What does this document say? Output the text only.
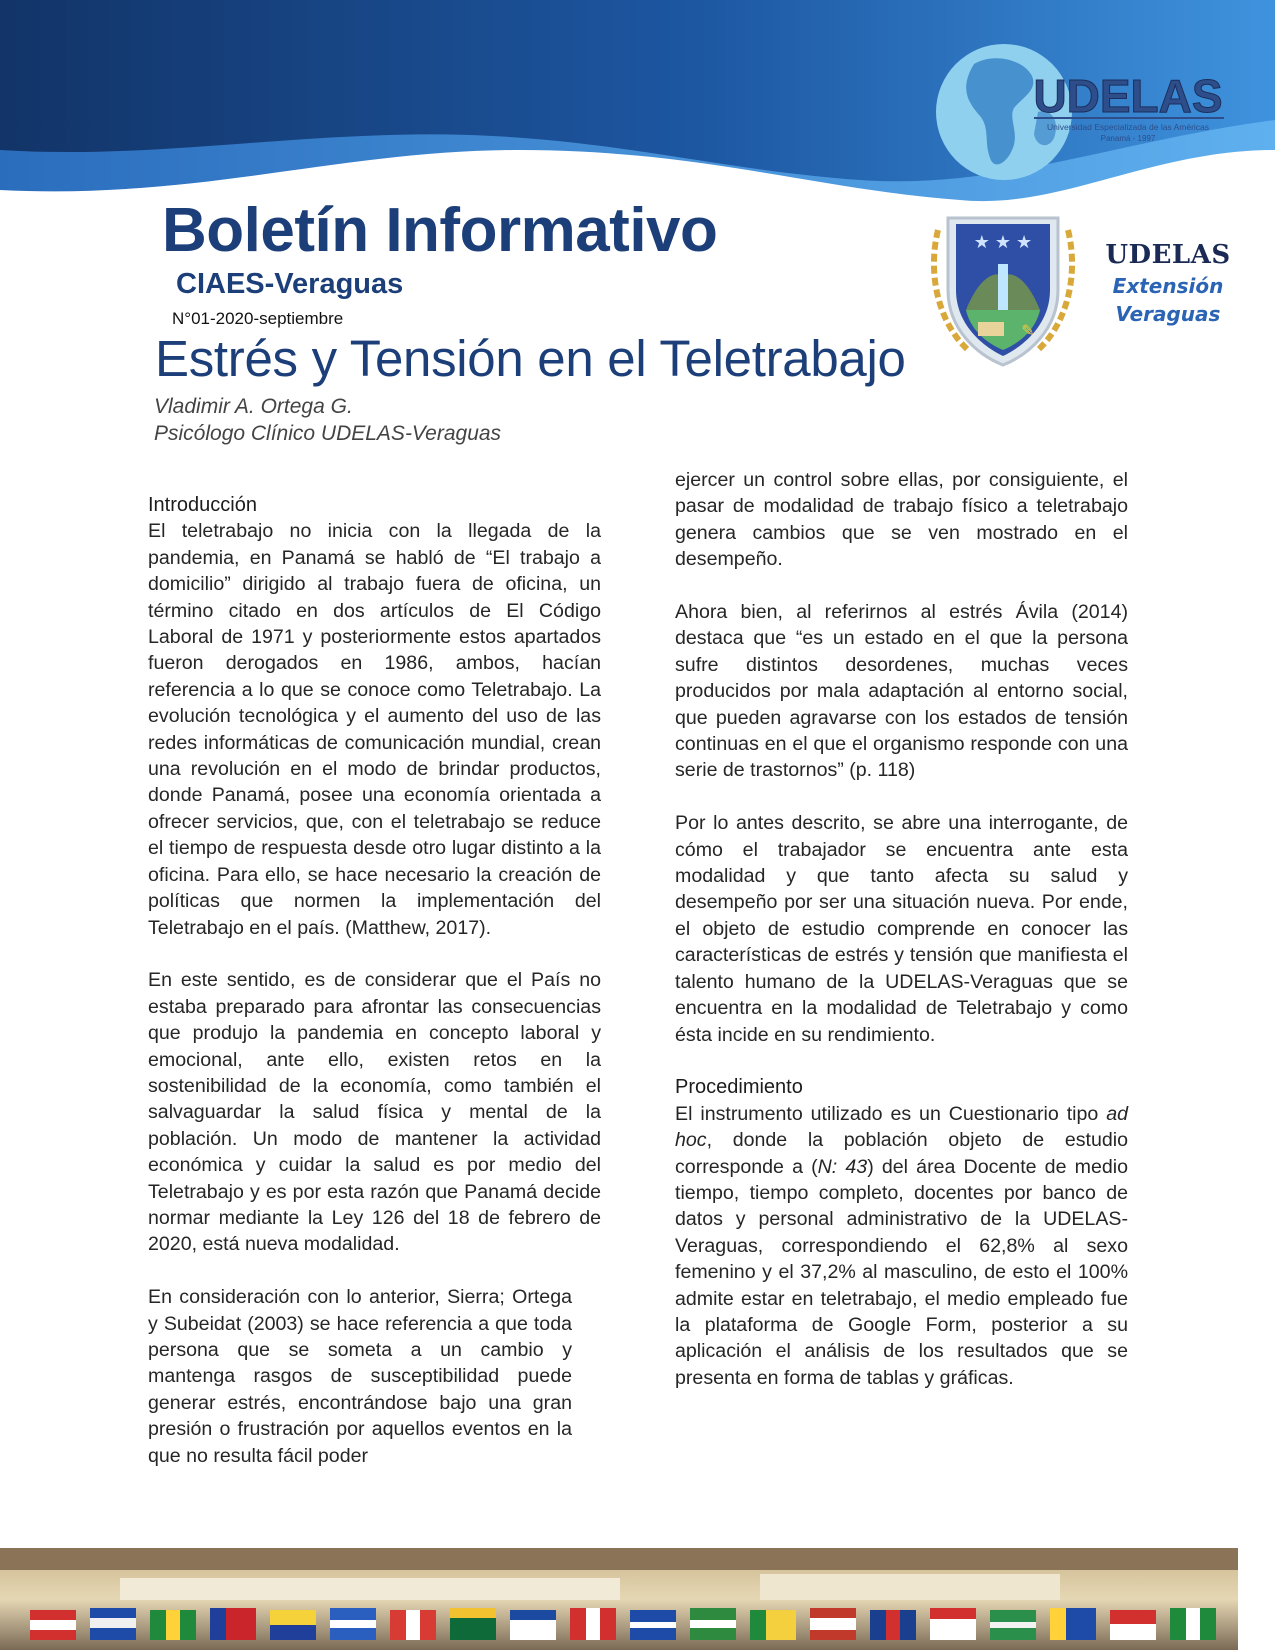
UDELAS
Universidad Especializada de las Américas
Panamá - 1997
★ ★ ★
✎
UDELAS
Extensión
Veraguas
Boletín Informativo
CIAES-Veraguas
N°01-2020-septiembre
Estrés y Tensión en el Teletrabajo
Vladimir A. Ortega G.
Psicólogo Clínico UDELAS-Veraguas
Introducción

El teletrabajo no inicia con la llegada de la pandemia, en Panamá se habló de “El trabajo a domicilio” dirigido al trabajo fuera de oficina, un término citado en dos artículos de El Código Laboral de 1971 y posteriormente estos apartados fueron derogados en 1986, ambos, hacían referencia a lo que se conoce como Teletrabajo. La evolución tecnológica y el aumento del uso de las redes informáticas de comunicación mundial, crean una revolución en el modo de brindar productos, donde Panamá, posee una economía orientada a ofrecer servicios, que, con el teletrabajo se reduce el tiempo de respuesta desde otro lugar distinto a la oficina. Para ello, se hace necesario la creación de políticas que normen la implementación del Teletrabajo en el país. (Matthew, 2017).

En este sentido, es de considerar que el País no estaba preparado para afrontar las consecuencias que produjo la pandemia en concepto laboral y emocional, ante ello, existen retos en la sostenibilidad de la economía, como también el salvaguardar la salud física y mental de la población. Un modo de mantener la actividad económica y cuidar la salud es por medio del Teletrabajo y es por esta razón que Panamá decide normar mediante la Ley 126 del 18 de febrero de 2020, está nueva modalidad.

En consideración con lo anterior, Sierra; Ortega y Subeidat (2003) se hace referencia a que toda persona que se someta a un cambio y mantenga rasgos de susceptibilidad puede generar estrés, encontrándose bajo una gran presión o frustración por aquellos eventos en la que no resulta fácil poder

ejercer un control sobre ellas, por consiguiente, el pasar de modalidad de trabajo físico a teletrabajo genera cambios que se ven mostrado en el desempeño.

Ahora bien, al referirnos al estrés Ávila (2014) destaca que “es un estado en el que la persona sufre distintos desordenes, muchas veces producidos por mala adaptación al entorno social, que pueden agravarse con los estados de tensión continuas en el que el organismo responde con una serie de trastornos” (p. 118)

Por lo antes descrito, se abre una interrogante, de cómo el trabajador se encuentra ante esta modalidad y que tanto afecta su salud y desempeño por ser una situación nueva. Por ende, el objeto de estudio comprende en conocer las características de estrés y tensión que manifiesta el talento humano de la UDELAS-Veraguas que se encuentra en la modalidad de Teletrabajo y como ésta incide en su rendimiento.

Procedimiento

El instrumento utilizado es un Cuestionario tipo ad hoc, donde la población objeto de estudio corresponde a (N: 43) del área Docente de medio tiempo, tiempo completo, docentes por banco de datos y personal administrativo de la UDELAS-Veraguas, correspondiendo el 62,8% al sexo femenino y el 37,2% al masculino, de esto el 100% admite estar en teletrabajo, el medio empleado fue la plataforma de Google Form, posterior a su aplicación el análisis de los resultados que se presenta en forma de tablas y gráficas.
